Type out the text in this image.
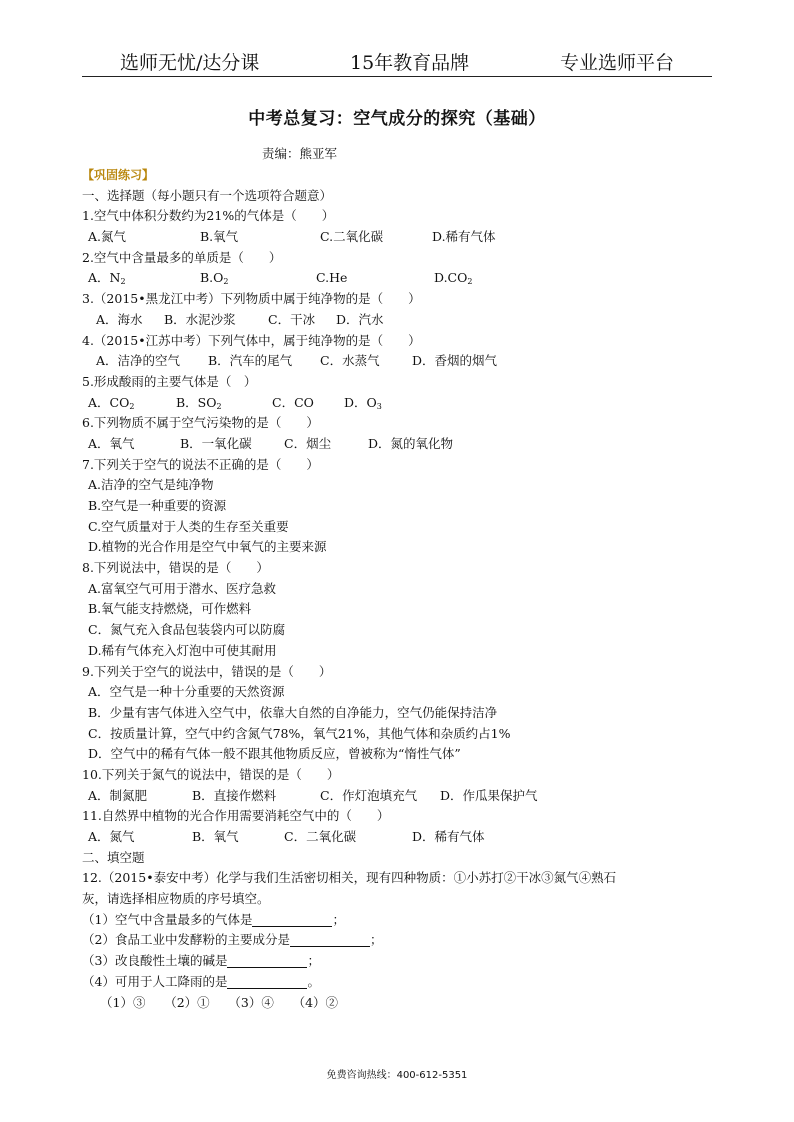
选师无忧/达分课	15年教育品牌	专业选师平台
中考总复习：空气成分的探究（基础）
责编：熊亚军
【巩固练习】
一、选择题（每小题只有一个选项符合题意）
1.空气中体积分数约为21%的气体是（　　）
A.氮气	B.氧气	C.二氧化碳	D.稀有气体
2.空气中含量最多的单质是（　　）
A．$N_2$	$B.O_2$	C.He	$D.CO_2$
3.（2015•黑龙江中考）下列物质中属于纯净物的是（　　）
A．海水 B．水泥沙浆	C．干冰 D．汽水
4.（2015•江苏中考）下列气体中，属于纯净物的是（　　）
A．洁净的空气 B．汽车的尾气 C．水蒸气	D．香烟的烟气
5.形成酸雨的主要气体是（　）
A．$CO_2$	B．$SO_2$	C．CO D．$O_3$
6.下列物质不属于空气污染物的是（　　）
A．氧气	B．一氧化碳	C．烟尘	D．氮的氧化物
7.下列关于空气的说法不正确的是（　　）
A.洁净的空气是纯净物
B.空气是一种重要的资源
C.空气质量对于人类的生存至关重要
D.植物的光合作用是空气中氧气的主要来源
8.下列说法中，错误的是（　　）
A.富氧空气可用于潜水、医疗急救
B.氧气能支持燃烧，可作燃料
C．氮气充入食品包装袋内可以防腐
D.稀有气体充入灯泡中可使其耐用
9.下列关于空气的说法中，错误的是（　　）
A．空气是一种十分重要的天然资源
B．少量有害气体进入空气中，依靠大自然的自净能力，空气仍能保持洁净
C．按质量计算，空气中约含氮气78%，氧气21%，其他气体和杂质约占1%
D．空气中的稀有气体一般不跟其他物质反应，曾被称为“惰性气体”
10.下列关于氮气的说法中，错误的是（　　）
A．制氮肥	B．直接作燃料	C．作灯泡填充气 D．作瓜果保护气
11.自然界中植物的光合作用需要消耗空气中的（　　）
A．氮气	B．氧气	C．二氧化碳	D．稀有气体
二、填空题
12.（2015•泰安中考）化学与我们生活密切相关，现有四种物质：①小苏打②干冰③氮气④熟石
灰，请选择相应物质的序号填空。
（1）空气中含量最多的气体是	；
（2）食品工业中发酵粉的主要成分是	；
（3）改良酸性土壤的碱是	；
（4）可用于人工降雨的是	。
（1）③　　（2）①　　（3）④　　（4）②
免费咨询热线：400-612-5351
